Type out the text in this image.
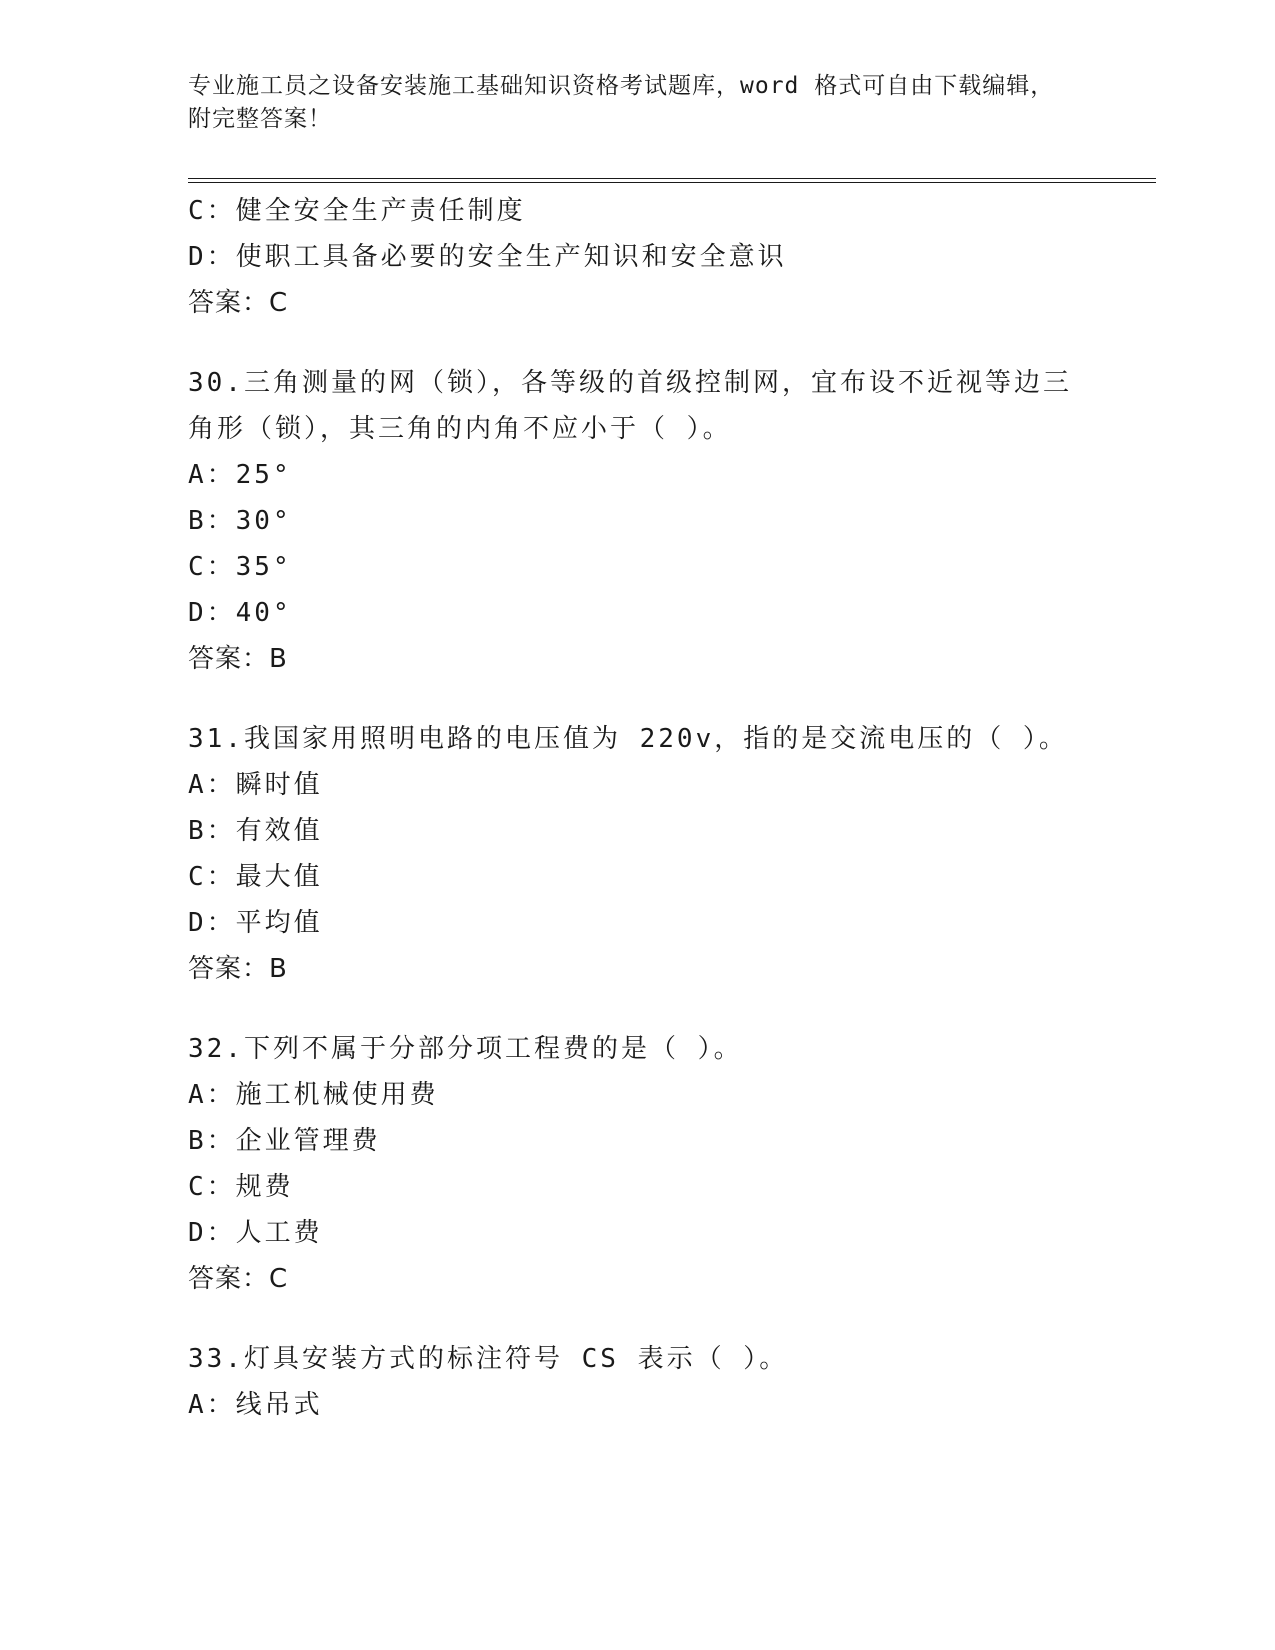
专业施工员之设备安装施工基础知识资格考试题库，word 格式可自由下载编辑，
附完整答案！
C：健全安全生产责任制度
D：使职工具备必要的安全生产知识和安全意识
答案：C
30.三角测量的网（锁），各等级的首级控制网，宜布设不近视等边三
角形（锁），其三角的内角不应小于（ ）。
A：25°
B：30°
C：35°
D：40°
答案：B
31.我国家用照明电路的电压值为 220v，指的是交流电压的（ ）。
A：瞬时值
B：有效值
C：最大值
D：平均值
答案：B
32.下列不属于分部分项工程费的是（ ）。
A：施工机械使用费
B：企业管理费
C：规费
D：人工费
答案：C
33.灯具安装方式的标注符号 CS 表示（ ）。
A：线吊式
